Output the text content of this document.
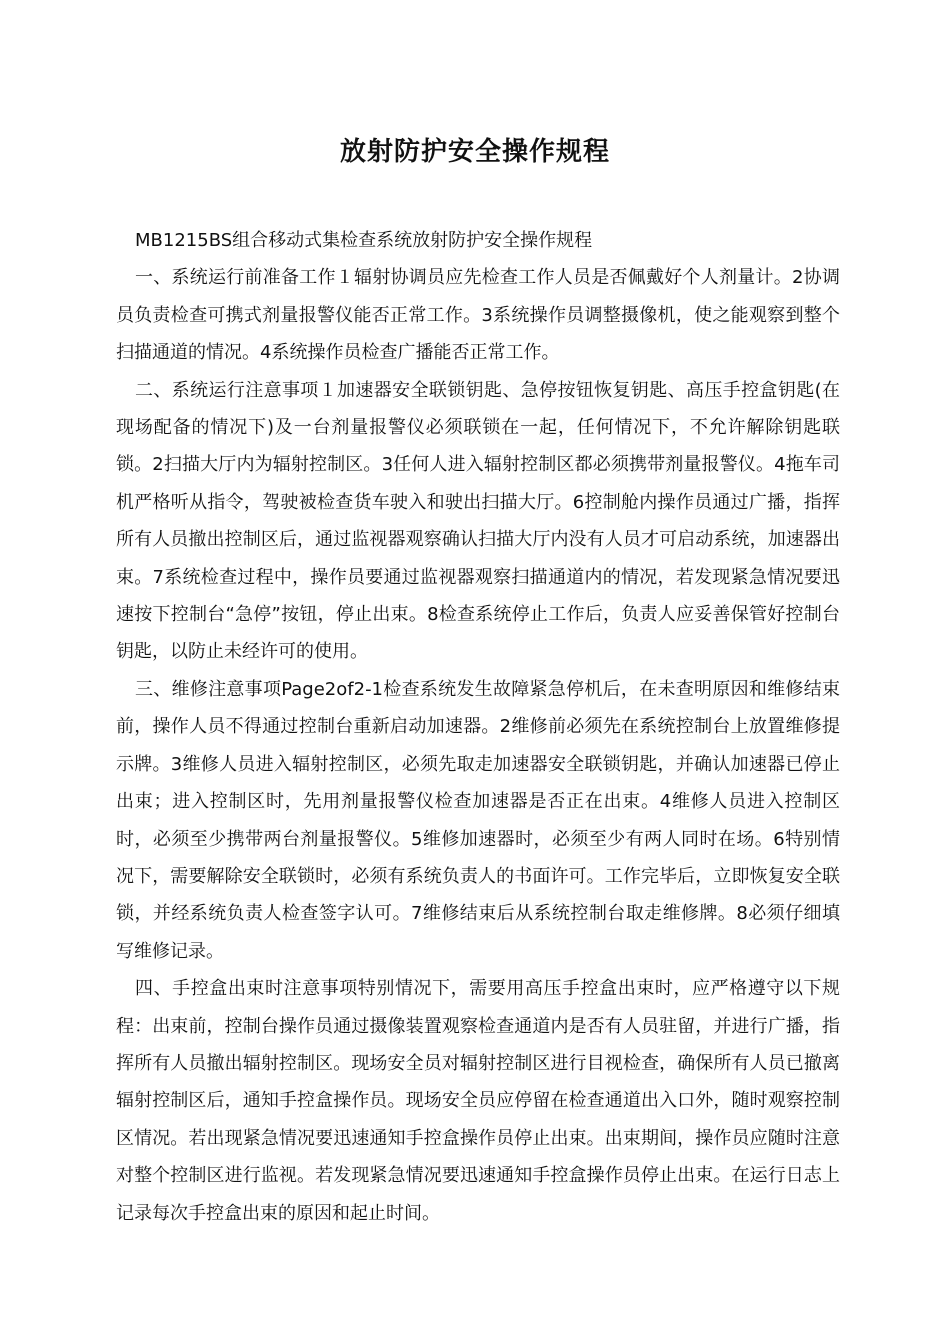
放射防护安全操作规程

MB1215BS组合移动式集检查系统放射防护安全操作规程

一、系统运行前准备工作１辐射协调员应先检查工作人员是否佩戴好个人剂量计。2协调员负责检查可携式剂量报警仪能否正常工作。3系统操作员调整摄像机，使之能观察到整个扫描通道的情况。4系统操作员检查广播能否正常工作。

二、系统运行注意事项１加速器安全联锁钥匙、急停按钮恢复钥匙、高压手控盒钥匙(在现场配备的情况下)及一台剂量报警仪必须联锁在一起，任何情况下，不允许解除钥匙联锁。2扫描大厅内为辐射控制区。3任何人进入辐射控制区都必须携带剂量报警仪。4拖车司机严格听从指令，驾驶被检查货车驶入和驶出扫描大厅。6控制舱内操作员通过广播，指挥所有人员撤出控制区后，通过监视器观察确认扫描大厅内没有人员才可启动系统，加速器出束。7系统检查过程中，操作员要通过监视器观察扫描通道内的情况，若发现紧急情况要迅速按下控制台“急停”按钮，停止出束。8检查系统停止工作后，负责人应妥善保管好控制台钥匙，以防止未经许可的使用。

三、维修注意事项Page2of2-1检查系统发生故障紧急停机后，在未查明原因和维修结束前，操作人员不得通过控制台重新启动加速器。2维修前必须先在系统控制台上放置维修提示牌。3维修人员进入辐射控制区，必须先取走加速器安全联锁钥匙，并确认加速器已停止出束；进入控制区时，先用剂量报警仪检查加速器是否正在出束。4维修人员进入控制区时，必须至少携带两台剂量报警仪。5维修加速器时，必须至少有两人同时在场。6特别情况下，需要解除安全联锁时，必须有系统负责人的书面许可。工作完毕后，立即恢复安全联锁，并经系统负责人检查签字认可。7维修结束后从系统控制台取走维修牌。8必须仔细填写维修记录。

四、手控盒出束时注意事项特别情况下，需要用高压手控盒出束时，应严格遵守以下规程：出束前，控制台操作员通过摄像装置观察检查通道内是否有人员驻留，并进行广播，指挥所有人员撤出辐射控制区。现场安全员对辐射控制区进行目视检查，确保所有人员已撤离辐射控制区后，通知手控盒操作员。现场安全员应停留在检查通道出入口外，随时观察控制区情况。若出现紧急情况要迅速通知手控盒操作员停止出束。出束期间，操作员应随时注意对整个控制区进行监视。若发现紧急情况要迅速通知手控盒操作员停止出束。在运行日志上记录每次手控盒出束的原因和起止时间。
